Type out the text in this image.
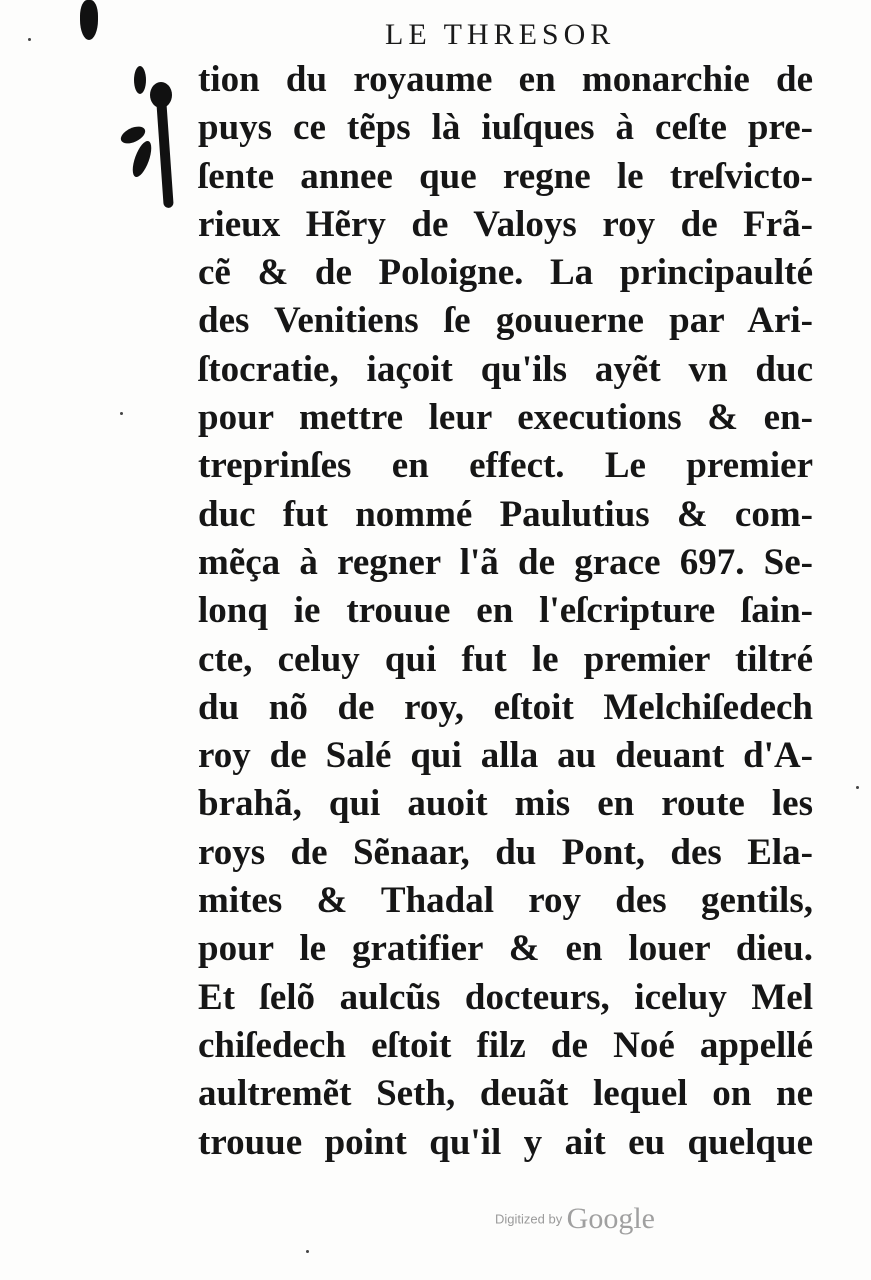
LE THRESOR
tion du royaume en monarchie de
puys ce tẽps là iuſques à ceſte pre-
ſente annee que regne le treſvicto-
rieux Hẽry de Valoys roy de Frã-
cẽ & de Poloigne. La principaulté
des Venitiens ſe gouuerne par Ari-
ſtocratie, iaçoit qu'ils ayẽt vn duc
pour mettre leur executions & en-
treprinſes en effect. Le premier
duc fut nommé Paulutius & com-
mẽça à regner l'ã de grace 697. Se-
lonq ie trouue en l'eſcripture ſain-
cte, celuy qui fut le premier tiltré
du nõ de roy, eſtoit Melchiſedech
roy de Salé qui alla au deuant d'A-
brahã, qui auoit mis en route les
roys de Sẽnaar, du Pont, des Ela-
mites & Thadal roy des gentils,
pour le gratifier & en louer dieu.
Et ſelõ aulcũs docteurs, iceluy Mel
chiſedech eſtoit filz de Noé appellé
aultremẽt Seth, deuãt lequel on ne
trouue point qu'il y ait eu quelque
Digitized by Google
